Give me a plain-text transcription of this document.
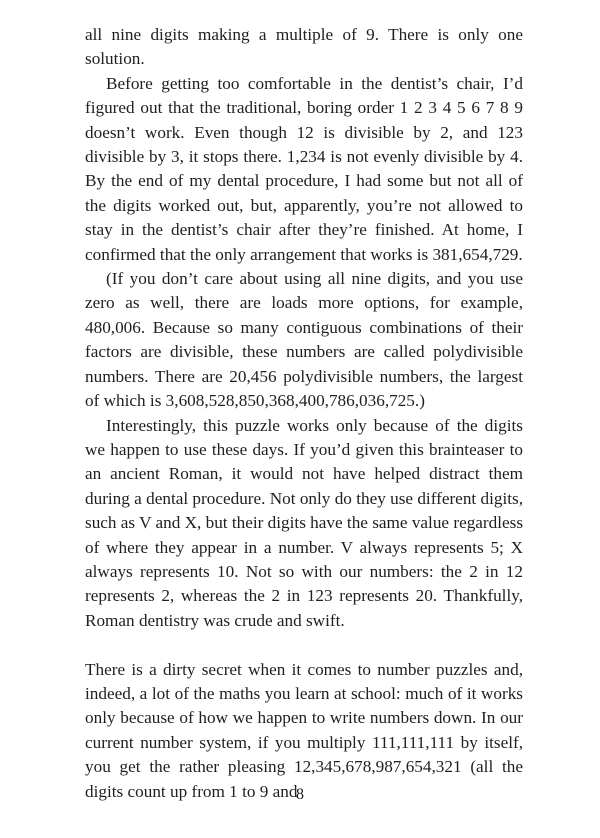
all nine digits making a multiple of 9. There is only one solution.

Before getting too comfortable in the dentist’s chair, I’d figured out that the traditional, boring order 1 2 3 4 5 6 7 8 9 doesn’t work. Even though 12 is divisible by 2, and 123 divisible by 3, it stops there. 1,234 is not evenly divisible by 4. By the end of my dental procedure, I had some but not all of the digits worked out, but, apparently, you’re not allowed to stay in the dentist’s chair after they’re finished. At home, I confirmed that the only arrangement that works is 381,654,729.

(If you don’t care about using all nine digits, and you use zero as well, there are loads more options, for example, 480,006. Because so many contiguous combinations of their factors are divisible, these numbers are called polydivisible numbers. There are 20,456 polydivisible numbers, the largest of which is 3,608,528,850,368,400,786,036,725.)

Interestingly, this puzzle works only because of the digits we happen to use these days. If you’d given this brainteaser to an ancient Roman, it would not have helped distract them during a dental procedure. Not only do they use different digits, such as V and X, but their digits have the same value regardless of where they appear in a number. V always represents 5; X always represents 10. Not so with our numbers: the 2 in 12 represents 2, whereas the 2 in 123 represents 20. Thankfully, Roman dentistry was crude and swift.

There is a dirty secret when it comes to number puzzles and, indeed, a lot of the maths you learn at school: much of it works only because of how we happen to write numbers down. In our current number system, if you multiply 111,111,111 by itself, you get the rather pleasing 12,345,678,987,654,321 (all the digits count up from 1 to 9 and

8
